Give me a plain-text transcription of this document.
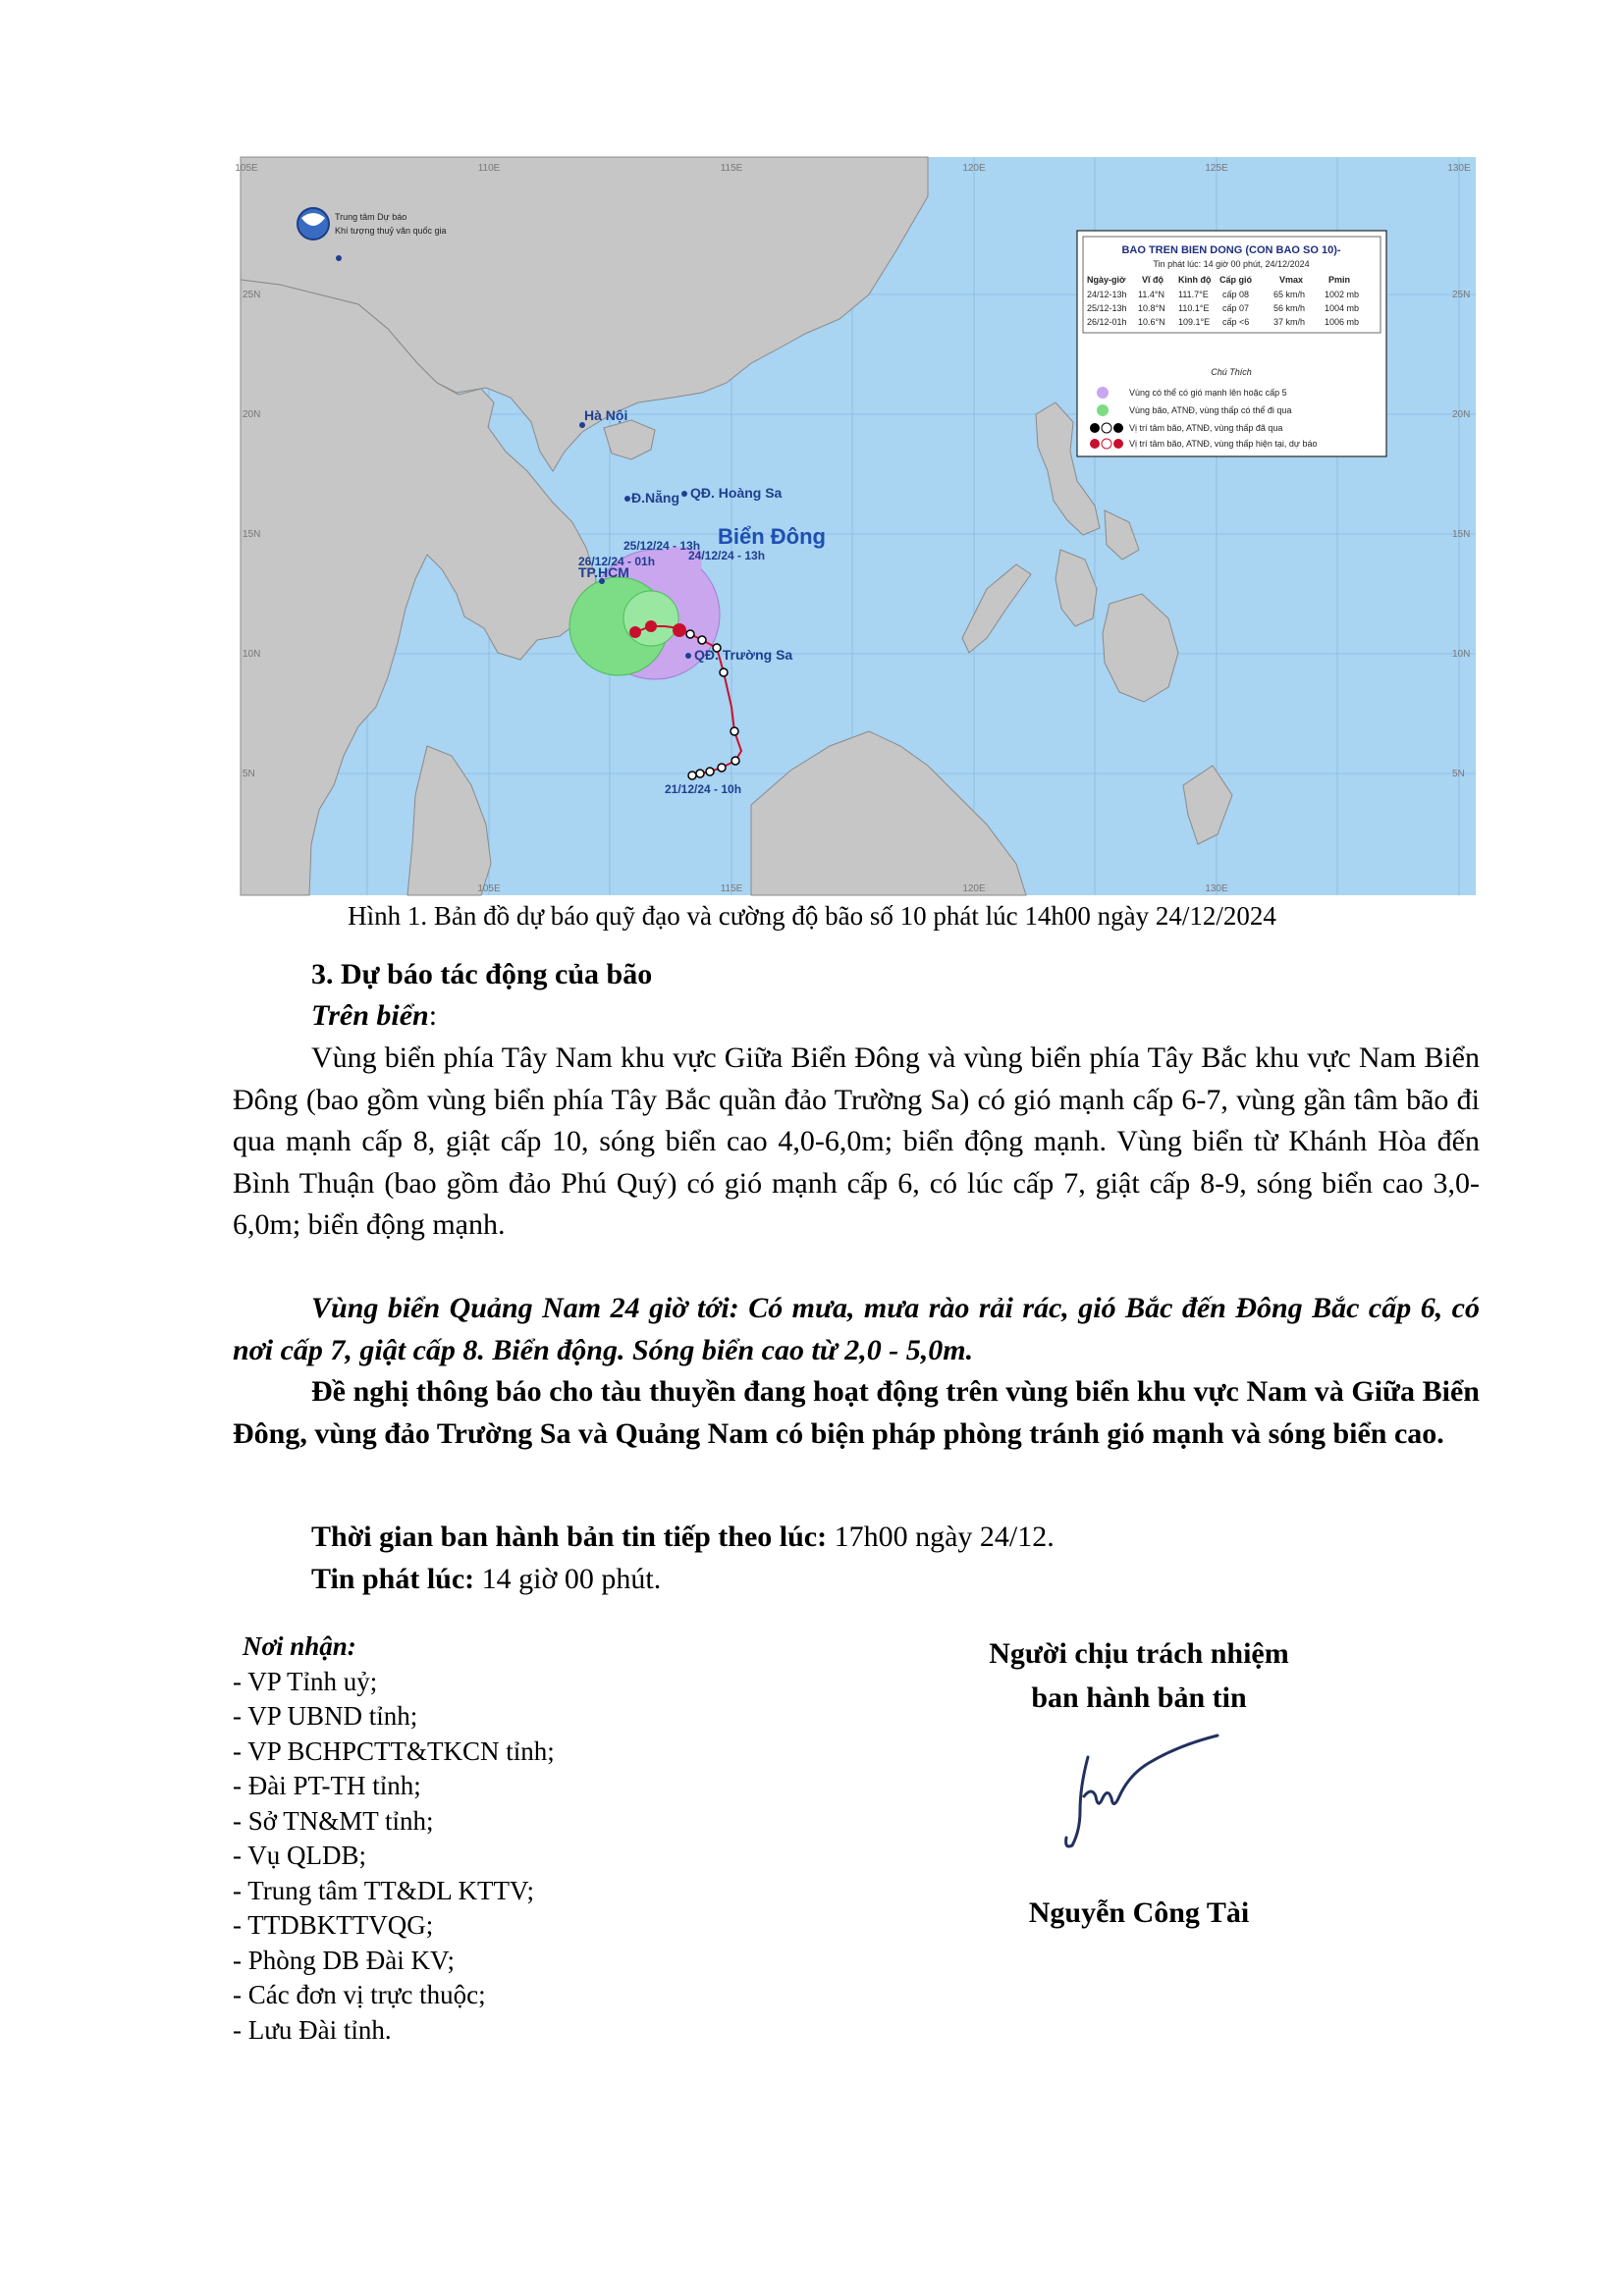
105E	110E	115E	120E	125E	130E
105E	115E	120E	130E
25N
20N
15N
10N
5N
25N
20N
15N
10N
5N
Trung tâm Dự báo
Khí tượng thuỷ văn quốc gia
BAO TREN BIEN DONG (CON BAO SO 10)-
Tin phát lúc: 14 giờ 00 phút, 24/12/2024
Ngày-giờ Vĩ độ Kinh độ Cấp gió	Vmax	Pmin
24/12-13h 11.4°N 111.7°E cấp 08	65 km/h 1002 mb
25/12-13h 10.8°N 110.1°E cấp 07	56 km/h 1004 mb
26/12-01h 10.6°N 109.1°E cấp <6	37 km/h 1006 mb
Chú Thích
Vùng có thể có gió mạnh lên hoặc cấp 5
Vùng bão, ATNĐ, vùng thấp có thể đi qua
Vị trí tâm bão, ATNĐ, vùng thấp đã qua
Vị trí tâm bão, ATNĐ, vùng thấp hiện tại, dự báo
Hà Nội
Đ.Nẵng QĐ. Hoàng Sa
TP.HCM
QĐ. Trường Sa
Biển Đông
25/12/24 - 13h
24/12/24 - 13h
26/12/24 - 01h
21/12/24 - 10h
Hình 1. Bản đồ dự báo quỹ đạo và cường độ bão số 10 phát lúc 14h00 ngày 24/12/2024
3. Dự báo tác động của bão
Trên biển:
Vùng biển phía Tây Nam khu vực Giữa Biển Đông và vùng biển phía Tây Bắc khu vực Nam Biển Đông (bao gồm vùng biển phía Tây Bắc quần đảo Trường Sa) có gió mạnh cấp 6-7, vùng gần tâm bão đi qua mạnh cấp 8, giật cấp 10, sóng biển cao 4,0-6,0m; biển động mạnh. Vùng biển từ Khánh Hòa đến Bình Thuận (bao gồm đảo Phú Quý) có gió mạnh cấp 6, có lúc cấp 7, giật cấp 8-9, sóng biển cao 3,0-6,0m; biển động mạnh.
Vùng biển Quảng Nam 24 giờ tới: Có mưa, mưa rào rải rác, gió Bắc đến Đông Bắc cấp 6, có nơi cấp 7, giật cấp 8. Biển động. Sóng biển cao từ 2,0 - 5,0m.
Đề nghị thông báo cho tàu thuyền đang hoạt động trên vùng biển khu vực Nam và Giữa Biển Đông, vùng đảo Trường Sa và Quảng Nam có biện pháp phòng tránh gió mạnh và sóng biển cao.
Thời gian ban hành bản tin tiếp theo lúc: 17h00 ngày 24/12.
Tin phát lúc: 14 giờ 00 phút.
Nơi nhận:
- VP Tỉnh uỷ;
- VP UBND tỉnh;
- VP BCHPCTT&TKCN tỉnh;
- Đài PT-TH tỉnh;
- Sở TN&MT tỉnh;
- Vụ QLDB;
- Trung tâm TT&DL KTTV;
- TTDBKTTVQG;
- Phòng DB Đài KV;
- Các đơn vị trực thuộc;
- Lưu Đài tỉnh.
Người chịu trách nhiệm
ban hành bản tin
Nguyễn Công Tài
